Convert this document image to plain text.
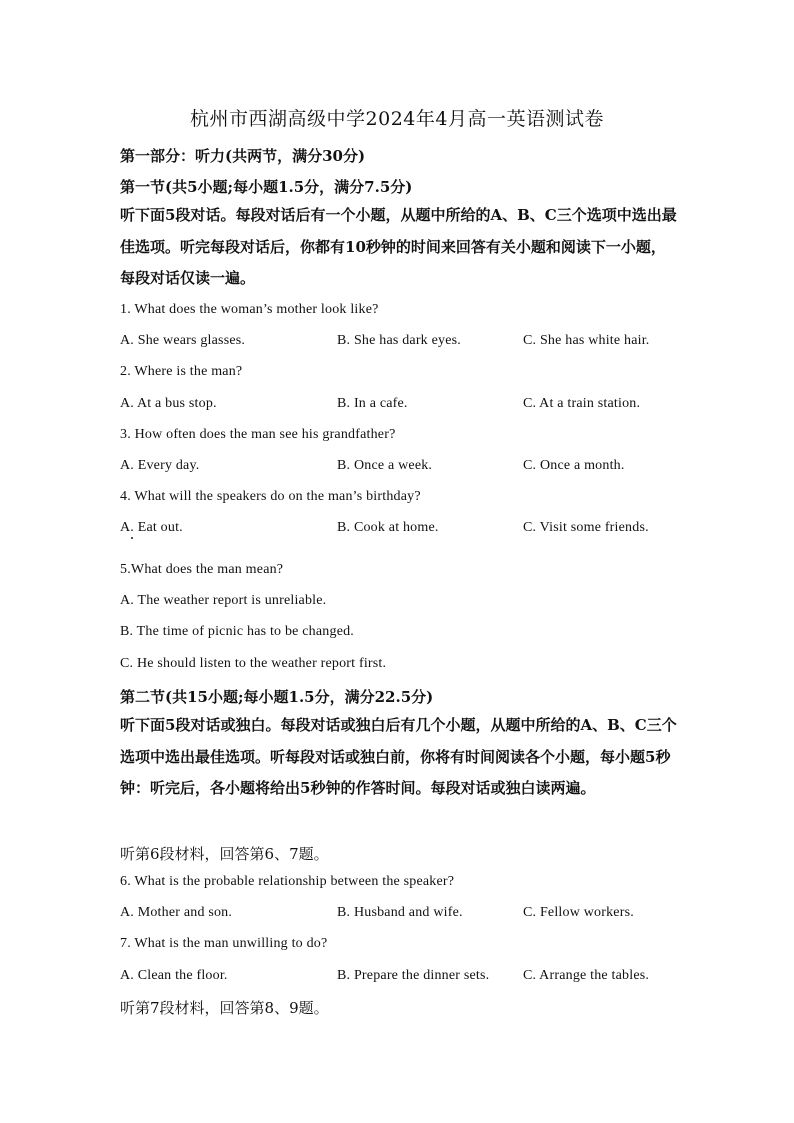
杭州市西湖高级中学2024年4月高一英语测试卷
第一部分：听力(共两节，满分30分)
第一节(共5小题;每小题1.5分，满分7.5分)
听下面5段对话。每段对话后有一个小题，从题中所给的A、B、C三个选项中选出最佳选项。听完每段对话后，你都有10秒钟的时间来回答有关小题和阅读下一小题，每段对话仅读一遍。
1. What does the woman’s mother look like?
A. She wears glasses.	B. She has dark eyes.	C. She has white hair.
2. Where is the man?
A. At a bus stop.	B. In a cafe.	C. At a train station.
3. How often does the man see his grandfather?
A. Every day.	B. Once a week.	C. Once a month.
4. What will the speakers do on the man’s birthday?
A. Eat out.	B. Cook at home.	C. Visit some friends.
5.What does the man mean?
A. The weather report is unreliable.
B. The time of picnic has to be changed.
C. He should listen to the weather report first.
第二节(共15小题;每小题1.5分，满分22.5分)
听下面5段对话或独白。每段对话或独白后有几个小题，从题中所给的A、B、C三个选项中选出最佳选项。听每段对话或独白前，你将有时间阅读各个小题，每小题5秒钟：听完后，各小题将给出5秒钟的作答时间。每段对话或独白读两遍。
听第6段材料，回答第6、7题。
6. What is the probable relationship between the speaker?
A. Mother and son.	B. Husband and wife.	C. Fellow workers.
7. What is the man unwilling to do?
A. Clean the floor.	B. Prepare the dinner sets. C. Arrange the tables.
听第7段材料，回答第8、9题。
